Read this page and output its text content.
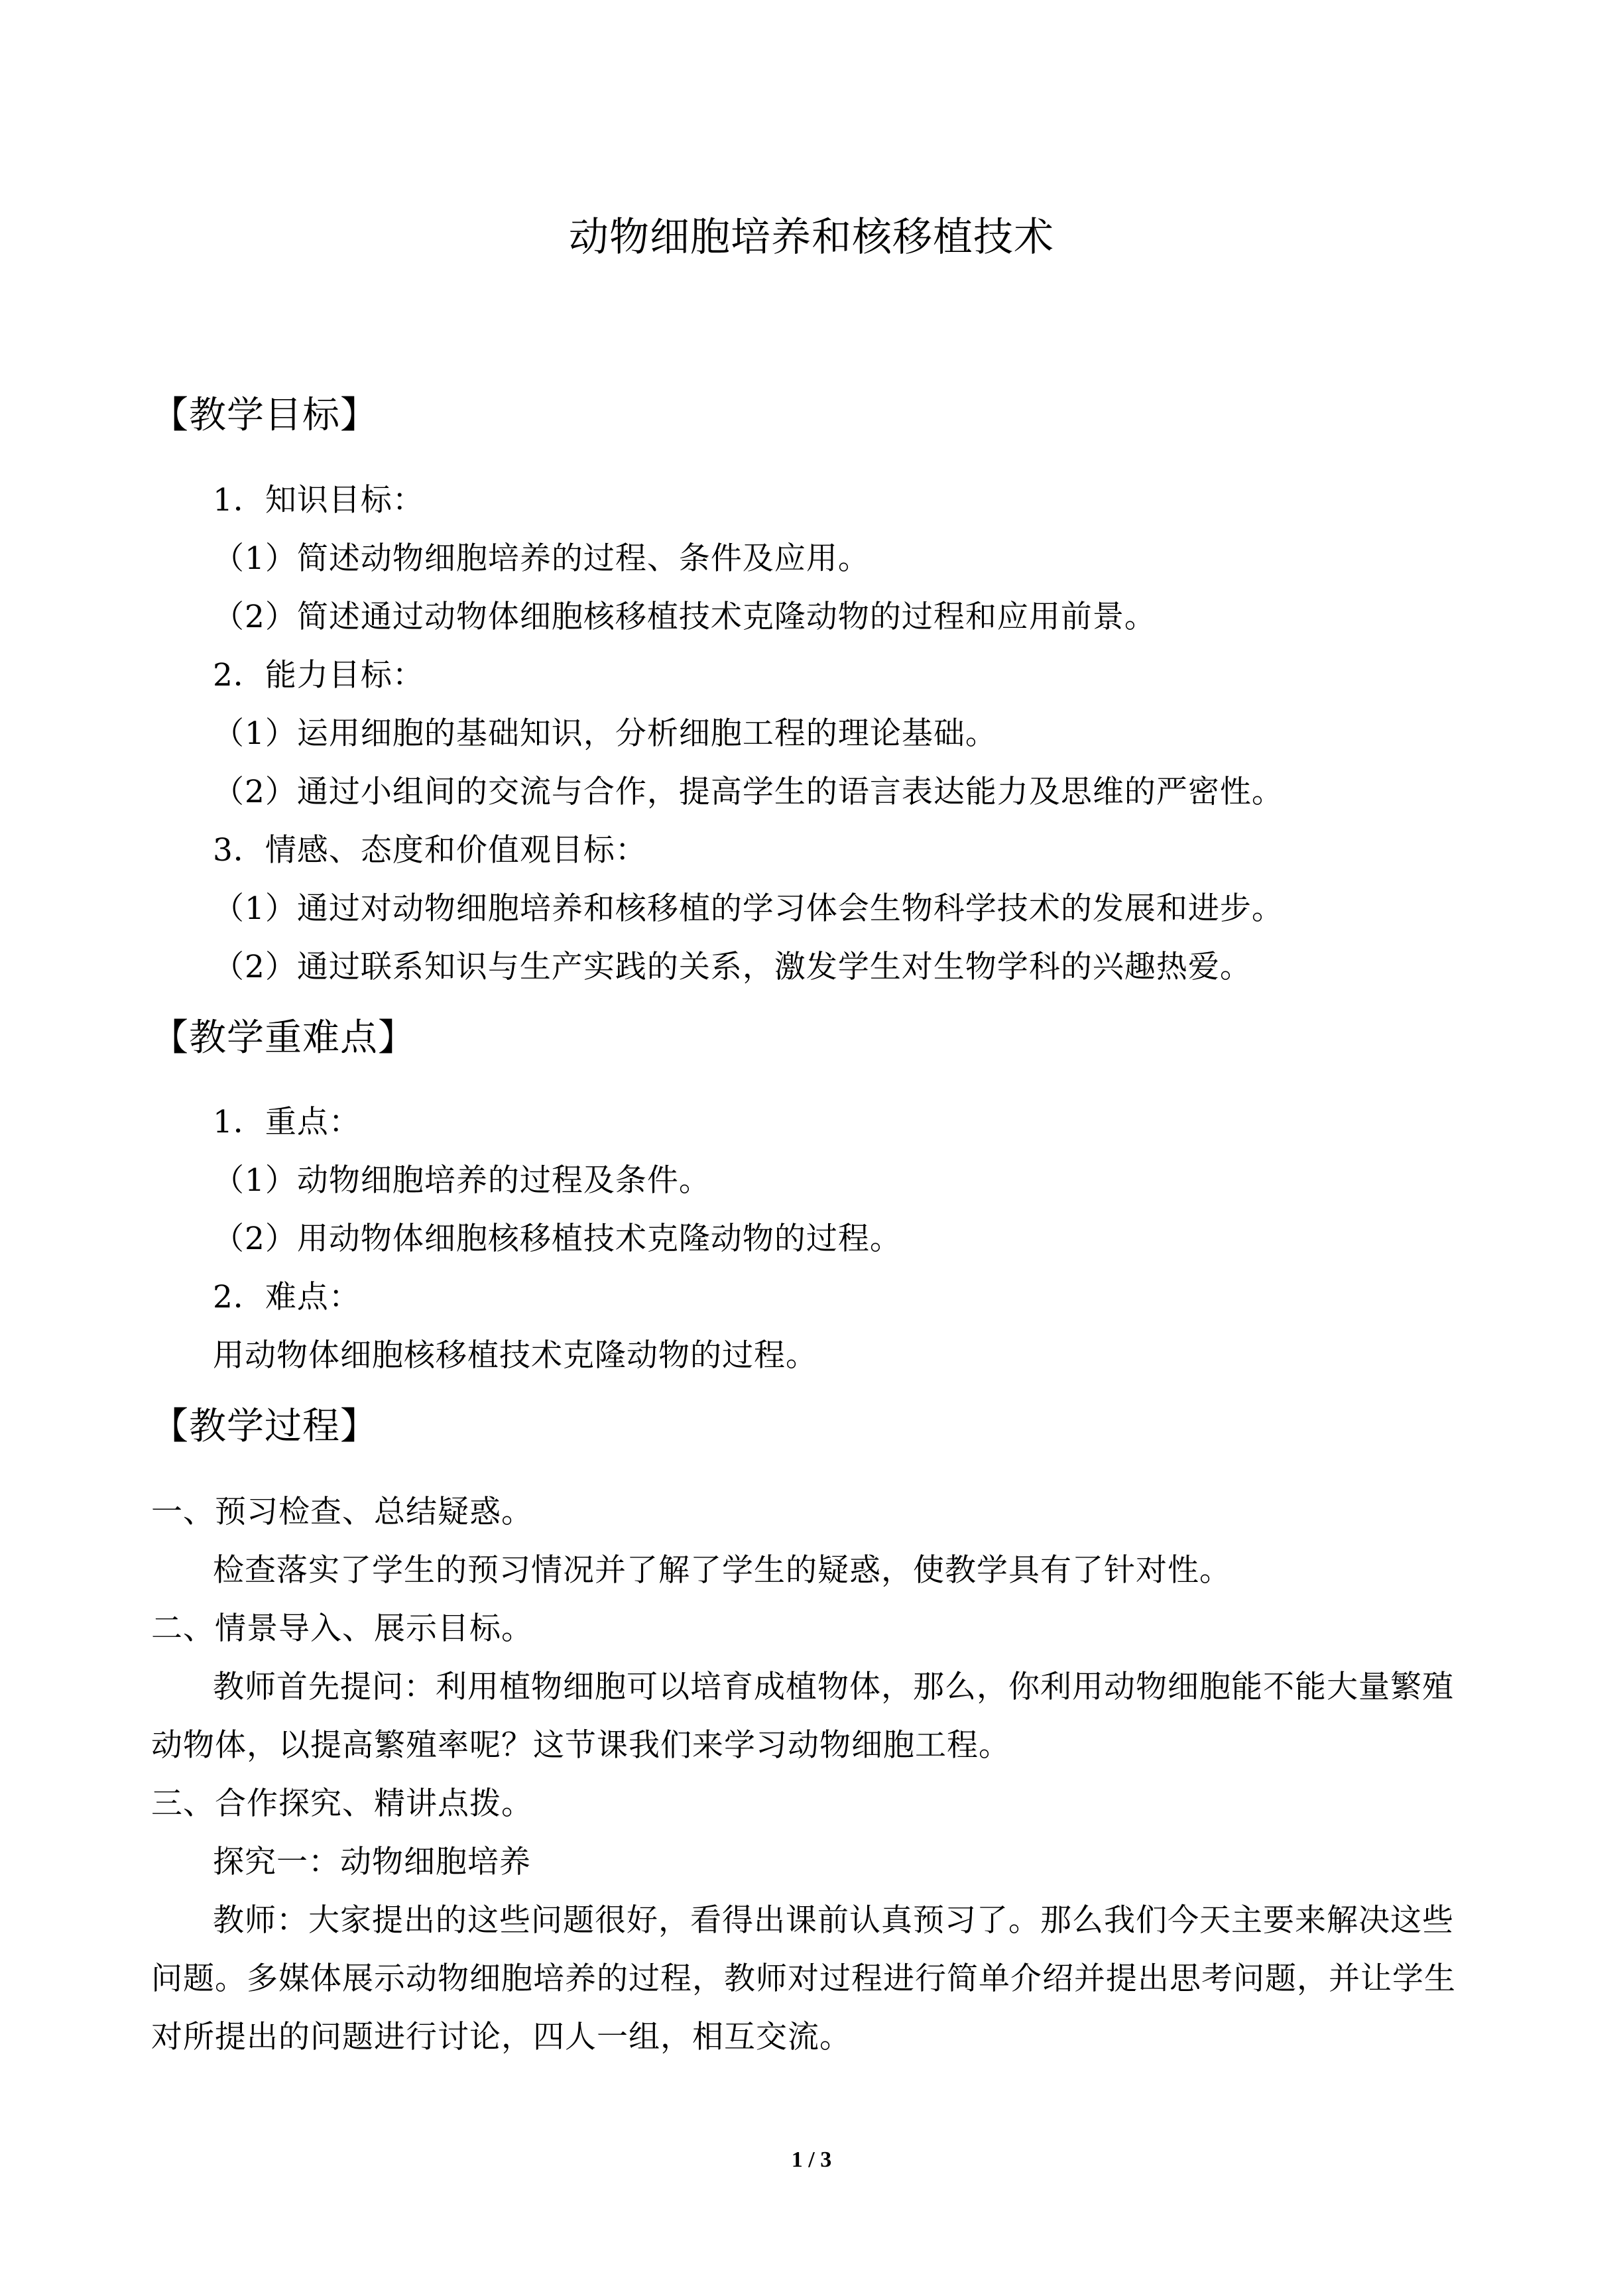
动物细胞培养和核移植技术
【教学目标】
1．知识目标：
（1）简述动物细胞培养的过程、条件及应用。
（2）简述通过动物体细胞核移植技术克隆动物的过程和应用前景。
2．能力目标：
（1）运用细胞的基础知识，分析细胞工程的理论基础。
（2）通过小组间的交流与合作，提高学生的语言表达能力及思维的严密性。
3．情感、态度和价值观目标：
（1）通过对动物细胞培养和核移植的学习体会生物科学技术的发展和进步。
（2）通过联系知识与生产实践的关系，激发学生对生物学科的兴趣热爱。
【教学重难点】
1．重点：
（1）动物细胞培养的过程及条件。
（2）用动物体细胞核移植技术克隆动物的过程。
2．难点：
用动物体细胞核移植技术克隆动物的过程。
【教学过程】
一、预习检查、总结疑惑。
检查落实了学生的预习情况并了解了学生的疑惑，使教学具有了针对性。
二、情景导入、展示目标。
教师首先提问：利用植物细胞可以培育成植物体，那么，你利用动物细胞能不能大量繁殖
动物体，以提高繁殖率呢？这节课我们来学习动物细胞工程。
三、合作探究、精讲点拨。
探究一：动物细胞培养
教师：大家提出的这些问题很好，看得出课前认真预习了。那么我们今天主要来解决这些
问题。多媒体展示动物细胞培养的过程，教师对过程进行简单介绍并提出思考问题，并让学生
对所提出的问题进行讨论，四人一组，相互交流。
1 / 3
